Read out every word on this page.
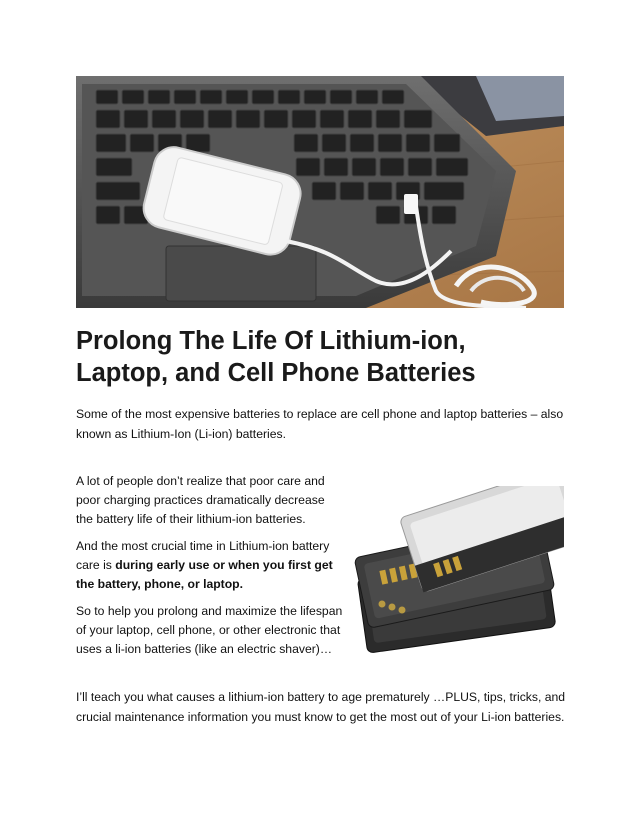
Prolong The Life Of Lithium-ion,
Laptop, and Cell Phone Batteries

Some of the most expensive batteries to replace are cell phone and laptop batteries – also known as Lithium-Ion (Li-ion) batteries.

A lot of people don’t realize that poor care and poor charging practices dramatically decrease the battery life of their lithium-ion batteries.

And the most crucial time in Lithium-ion battery care is during early use or when you first get the battery, phone, or laptop.

So to help you prolong and maximize the lifespan of your laptop, cell phone, or other electronic that uses a li-ion batteries (like an electric shaver)…

I’ll teach you what causes a lithium-ion battery to age prematurely …PLUS, tips, tricks, and crucial maintenance information you must know to get the most out of your Li-ion batteries.
